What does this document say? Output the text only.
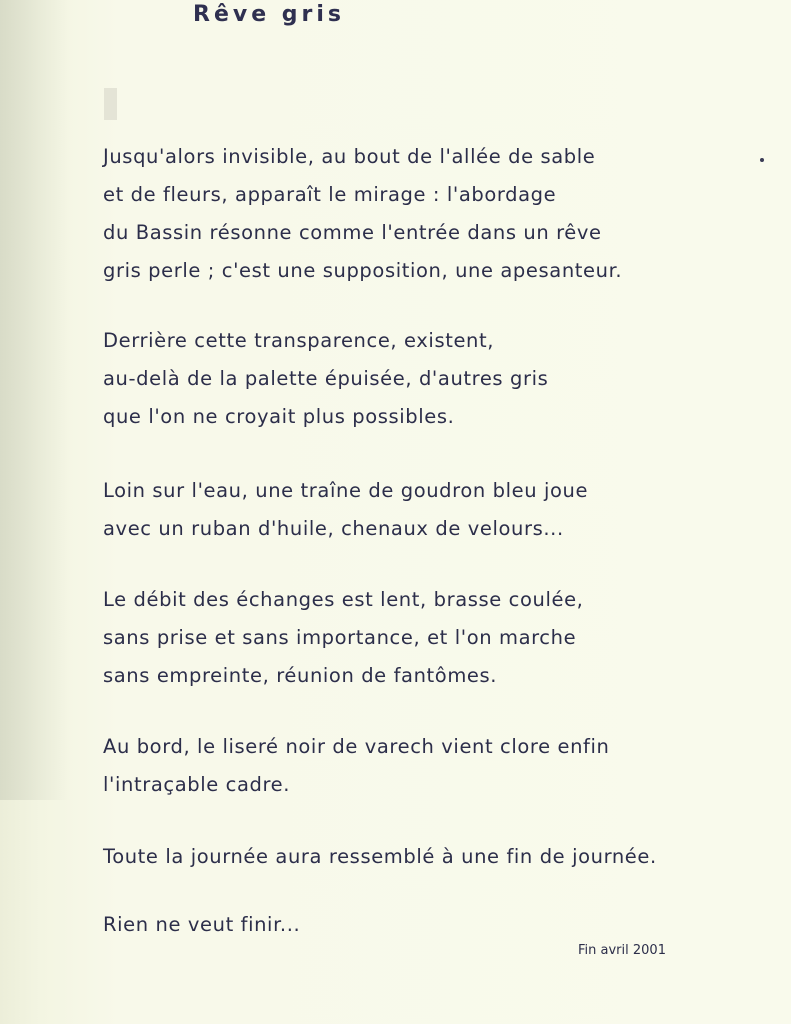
Rêve gris
Jusqu'alors invisible, au bout de l'allée de sable
et de fleurs, apparaît le mirage : l'abordage
du Bassin résonne comme l'entrée dans un rêve
gris perle ; c'est une supposition, une apesanteur.
Derrière cette transparence, existent,
au-delà de la palette épuisée, d'autres gris
que l'on ne croyait plus possibles.
Loin sur l'eau, une traîne de goudron bleu joue
avec un ruban d'huile, chenaux de velours...
Le débit des échanges est lent, brasse coulée,
sans prise et sans importance, et l'on marche
sans empreinte, réunion de fantômes.
Au bord, le liseré noir de varech vient clore enfin
l'intraçable cadre.
Toute la journée aura ressemblé à une fin de journée.
Rien ne veut finir...
Fin avril 2001
